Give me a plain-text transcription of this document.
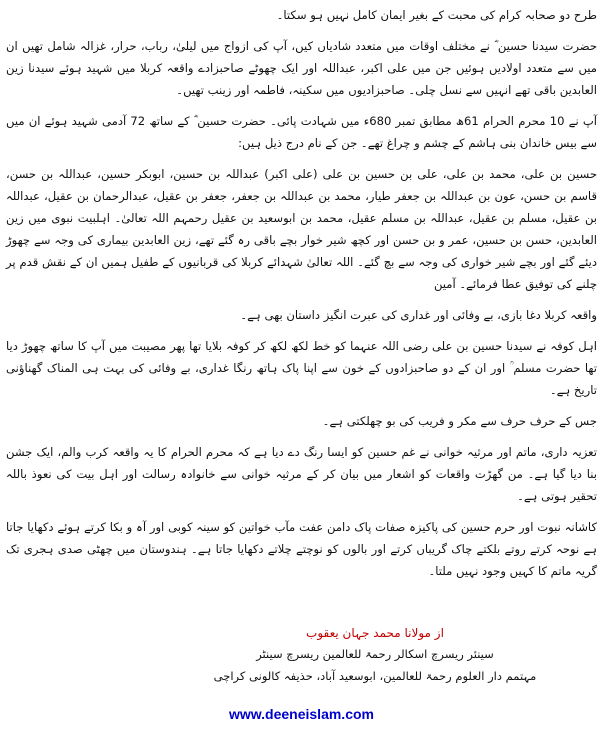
طرح دو صحابہ کرام کی محبت کے بغیر ایمان کامل نہیں ہو سکتا۔

حضرت سیدنا حسین ؓ نے مختلف اوقات میں متعدد شادیاں کیں، آپ کی ازواج میں لیلیٰ، رباب، حرار، غزالہ شامل تھیں ان میں سے متعدد اولادیں ہوئیں جن میں علی اکبر، عبداللہ اور ایک چھوٹے صاحبزادے واقعہ کربلا میں شہید ہوئے سیدنا زین العابدین باقی تھے انہیں سے نسل چلی۔ صاحبزادیوں میں سکینہ، فاطمہ اور زینب تھیں۔

آپ نے 10 محرم الحرام 61ھ مطابق تمبر 680ء میں شہادت پائی۔ حضرت حسین ؓ کے ساتھ 72 آدمی شہید ہوئے ان میں سے بیس خاندان بنی ہاشم کے چشم و چراغ تھے۔ جن کے نام درج ذیل ہیں:

حسین بن علی، محمد بن علی، علی بن حسین بن علی (علی اکبر) عبداللہ بن حسین، ابوبکر حسین، عبداللہ بن حسن، قاسم بن حسن، عون بن عبداللہ بن جعفر طیار، محمد بن عبداللہ بن جعفر، جعفر بن عقیل، عبدالرحمان بن عقیل، عبداللہ بن عقیل، مسلم بن عقیل، عبداللہ بن مسلم عقیل، محمد بن ابوسعید بن عقیل رحمہم اللہ تعالیٰ۔ اہلبیت نبوی میں زین العابدین، حسن بن حسین، عمر و بن حسن اور کچھ شیر خوار بچے باقی رہ گئے تھے، زین العابدین بیماری کی وجہ سے چھوڑ دیئے گئے اور بچے شیر خواری کی وجہ سے بچ گئے۔ اللہ تعالیٰ شہدائے کربلا کی قربانیوں کے طفیل ہمیں ان کے نقش قدم پر چلنے کی توفیق عطا فرمائے۔ آمین

واقعہ کربلا دغا بازی، بے وفائی اور غداری کی عبرت انگیز داستان بھی ہے۔

اہل کوفہ نے سیدنا حسین بن علی رضی اللہ عنہما کو خط لکھ لکھ کر کوفہ بلایا تھا پھر مصیبت میں آپ کا ساتھ چھوڑ دیا تھا حضرت مسلم ؒ اور ان کے دو صاحبزادوں کے خون سے اپنا پاک ہاتھ رنگا غداری، بے وفائی کی بہت ہی المناک گھناؤنی تاریخ ہے۔

جس کے حرف حرف سے مکر و فریب کی بو چھلکتی ہے۔

تعزیہ داری، ماتم اور مرثیہ خوانی نے غم حسین کو ایسا رنگ دے دیا ہے کہ محرم الحرام کا یہ واقعہ کرب والم، ایک جشن بنا دیا گیا ہے۔ من گھڑت واقعات کو اشعار میں بیان کر کے مرثیہ خوانی سے خانوادہ رسالت اور اہل بیت کی نعوذ باللہ تحقیر ہوتی ہے۔

کاشانہ نبوت اور حرم حسین کی پاکیزہ صفات پاک دامن عفت مآب خواتین کو سینہ کوبی اور آہ و بکا کرتے ہوئے دکھایا جاتا ہے نوحہ کرتے روتے بلکتے چاک گریباں کرتے اور بالوں کو نوچتے چلاتے دکھایا جاتا ہے۔ ہندوستان میں چھٹی صدی ہجری تک گریہ ماتم کا کہیں وجود نہیں ملتا۔

از مولانا محمد جہان یعقوب

سینئر ریسرچ اسکالر رحمۃ للعالمین ریسرچ سینٹر

مہتمم دار العلوم رحمۃ للعالمین، ابوسعید آباد، حذیفہ کالونی کراچی

www.deeneislam.com
